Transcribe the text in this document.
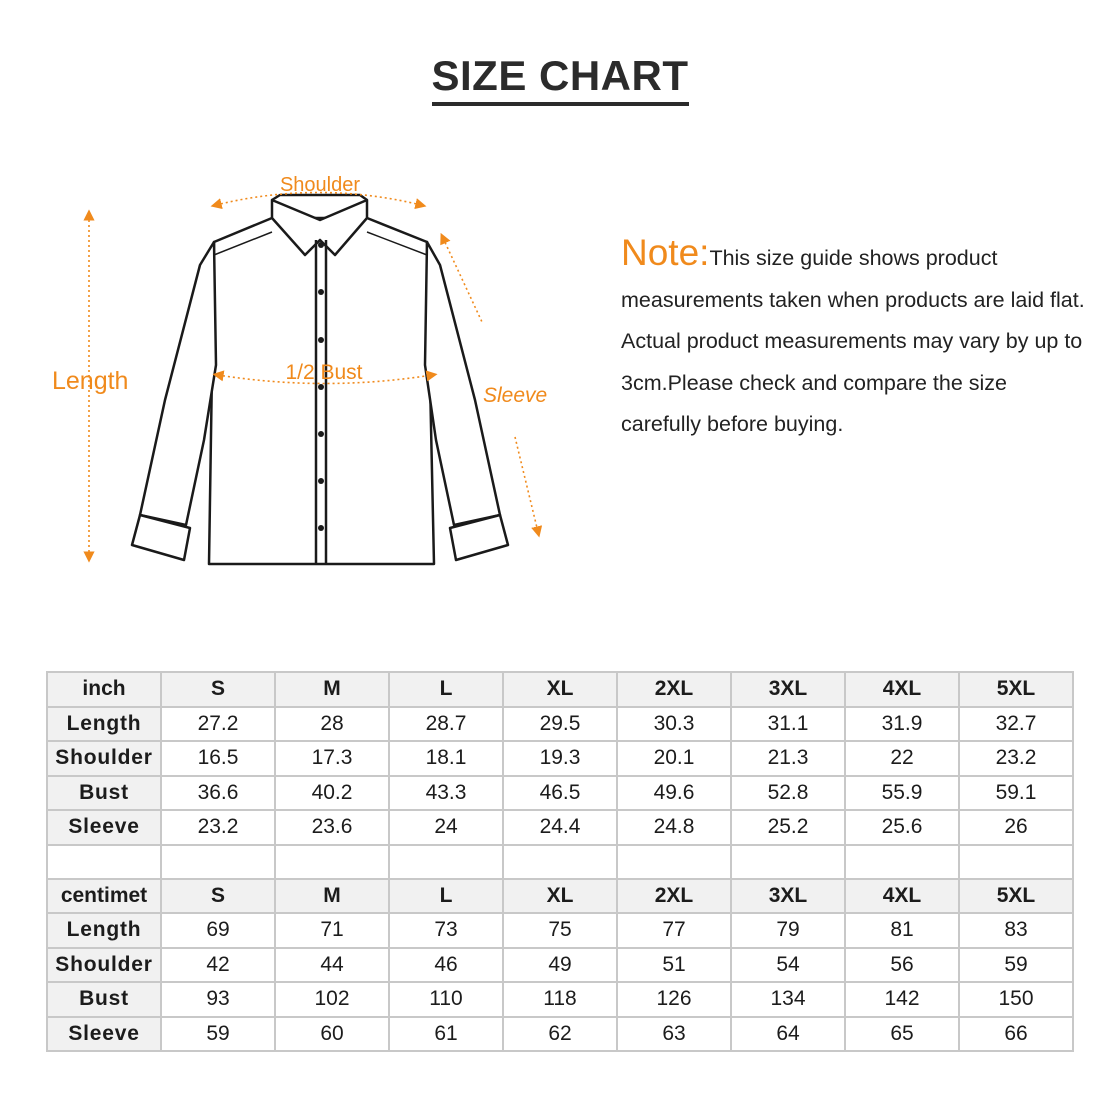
SIZE CHART
Shoulder
Length	1/2 Bust
Sleeve
Note:This size guide shows product measurements taken when products are laid flat. Actual product measurements may vary by up to 3cm.Please check and compare the size carefully before buying.
inch	S	M	L	XL	2XL	3XL	4XL	5XL
Length	27.2	28	28.7	29.5	30.3	31.1	31.9	32.7
Shoulder	16.5	17.3	18.1	19.3	20.1	21.3	22	23.2
Bust	36.6	40.2	43.3	46.5	49.6	52.8	55.9	59.1
Sleeve	23.2	23.6	24	24.4	24.8	25.2	25.6	26

centimet	S	M	L	XL	2XL	3XL	4XL	5XL
Length	69	71	73	75	77	79	81	83
Shoulder	42	44	46	49	51	54	56	59
Bust	93	102	110	118	126	134	142	150
Sleeve	59	60	61	62	63	64	65	66
